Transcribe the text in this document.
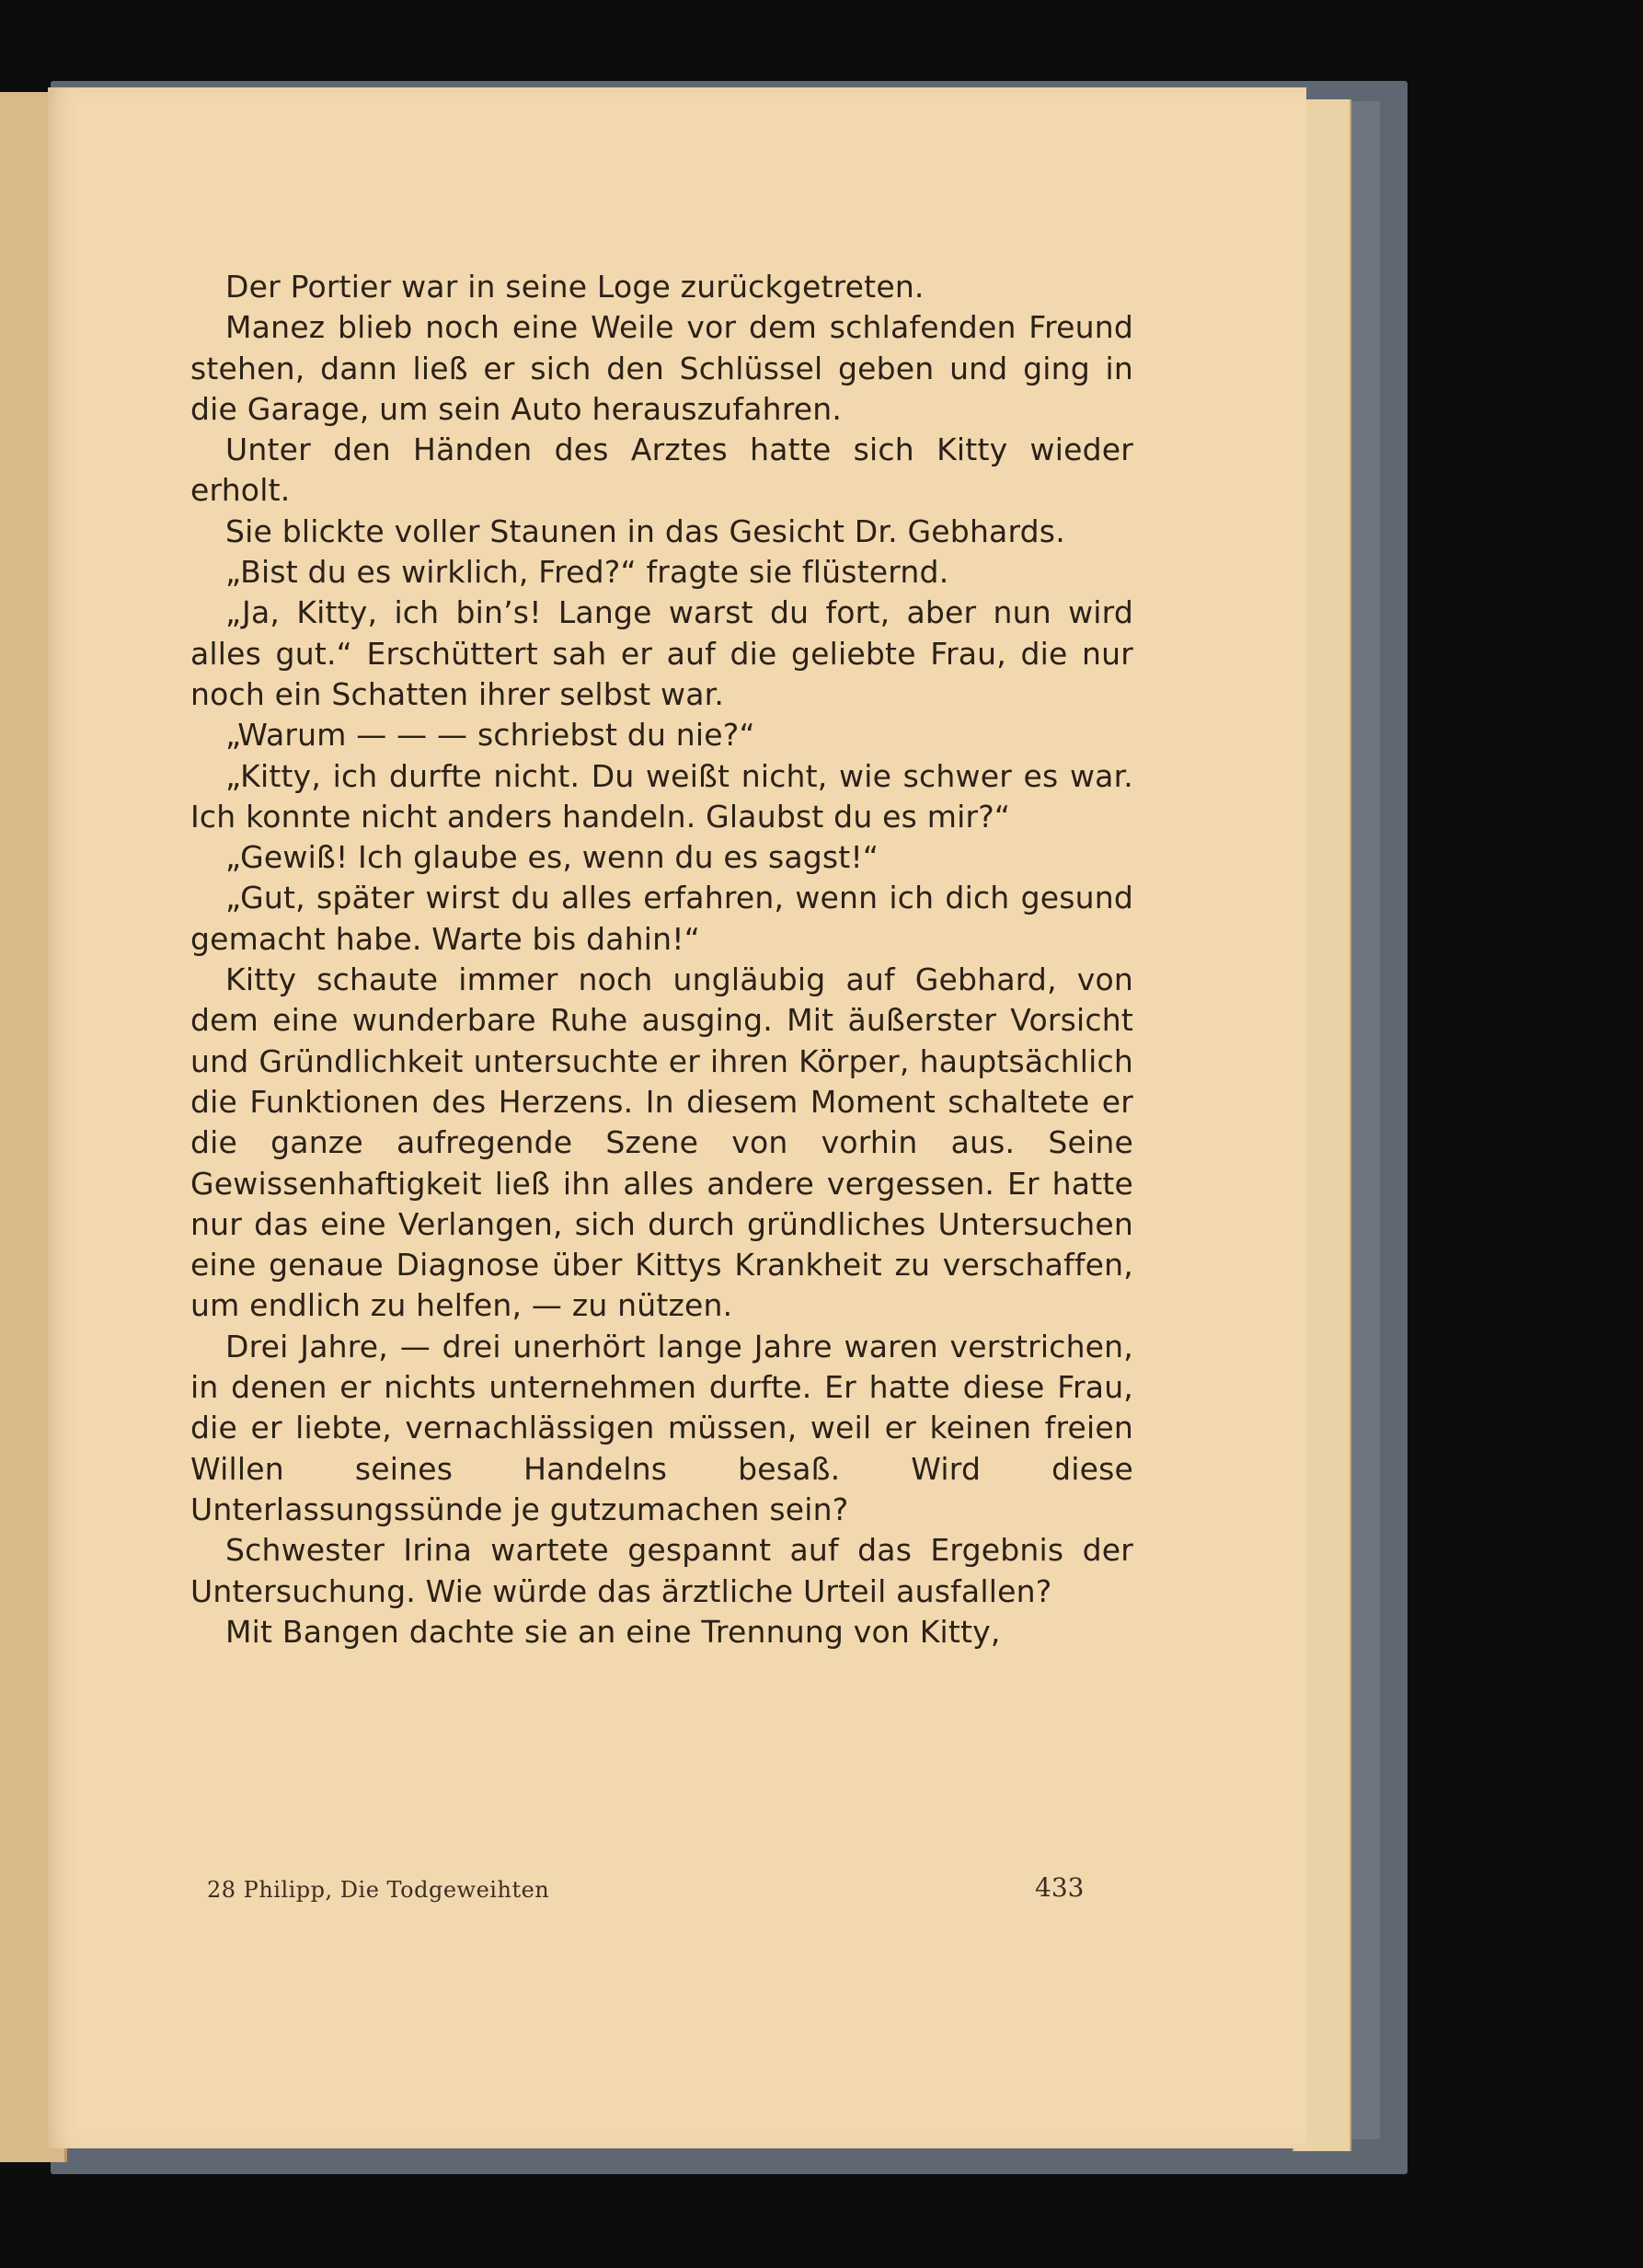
Der Portier war in seine Loge zurückgetreten.

Manez blieb noch eine Weile vor dem schlafenden Freund stehen, dann ließ er sich den Schlüssel geben und ging in die Garage, um sein Auto herauszufahren.

Unter den Händen des Arztes hatte sich Kitty wieder erholt.

Sie blickte voller Staunen in das Gesicht Dr. Gebhards.

„Bist du es wirklich, Fred?“ fragte sie flüsternd.

„Ja, Kitty, ich bin’s! Lange warst du fort, aber nun wird alles gut.“ Erschüttert sah er auf die geliebte Frau, die nur noch ein Schatten ihrer selbst war.

„Warum — — — schriebst du nie?“

„Kitty, ich durfte nicht. Du weißt nicht, wie schwer es war. Ich konnte nicht anders handeln. Glaubst du es mir?“

„Gewiß! Ich glaube es, wenn du es sagst!“

„Gut, später wirst du alles erfahren, wenn ich dich gesund gemacht habe. Warte bis dahin!“

Kitty schaute immer noch ungläubig auf Gebhard, von dem eine wunderbare Ruhe ausging. Mit äußerster Vorsicht und Gründlichkeit untersuchte er ihren Körper, hauptsächlich die Funktionen des Herzens. In diesem Moment schaltete er die ganze aufregende Szene von vorhin aus. Seine Gewissenhaftigkeit ließ ihn alles andere vergessen. Er hatte nur das eine Verlangen, sich durch gründliches Untersuchen eine genaue Diagnose über Kittys Krankheit zu verschaffen, um endlich zu helfen, — zu nützen.

Drei Jahre, — drei unerhört lange Jahre waren verstrichen, in denen er nichts unternehmen durfte. Er hatte diese Frau, die er liebte, vernachlässigen müssen, weil er keinen freien Willen seines Handelns besaß. Wird diese Unterlassungssünde je gutzumachen sein?

Schwester Irina wartete gespannt auf das Ergebnis der Untersuchung. Wie würde das ärztliche Urteil ausfallen?

Mit Bangen dachte sie an eine Trennung von Kitty,

28 Philipp, Die Todgeweihten	433
